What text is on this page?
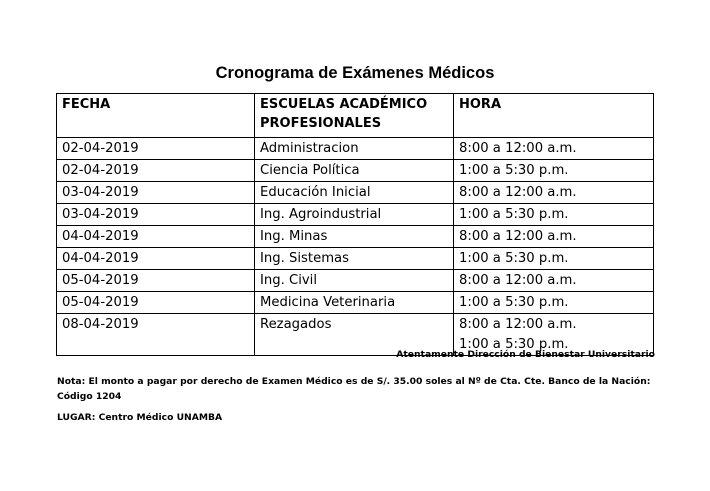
Cronograma de Exámenes Médicos
FECHA	ESCUELAS ACADÉMICO PROFESIONALES	HORA
02-04-2019	Administracion	8:00 a 12:00 a.m.

02-04-2019	Ciencia Política	1:00 a 5:30 p.m.

03-04-2019	Educación Inicial	8:00 a 12:00 a.m.

03-04-2019	Ing. Agroindustrial	1:00 a 5:30 p.m.

04-04-2019	Ing. Minas	8:00 a 12:00 a.m.

04-04-2019	Ing. Sistemas	1:00 a 5:30 p.m.

05-04-2019	Ing. Civil	8:00 a 12:00 a.m.

05-04-2019	Medicina Veterinaria	1:00 a 5:30 p.m.

08-04-2019	Rezagados	8:00 a 12:00 a.m.
1:00 a 5:30 p.m.
Atentamente Dirección de Bienestar Universitario
Nota: El monto a pagar por derecho de Examen Médico es de S/. 35.00 soles al Nº de Cta. Cte. Banco de la Nación: Código 1204
LUGAR: Centro Médico UNAMBA
